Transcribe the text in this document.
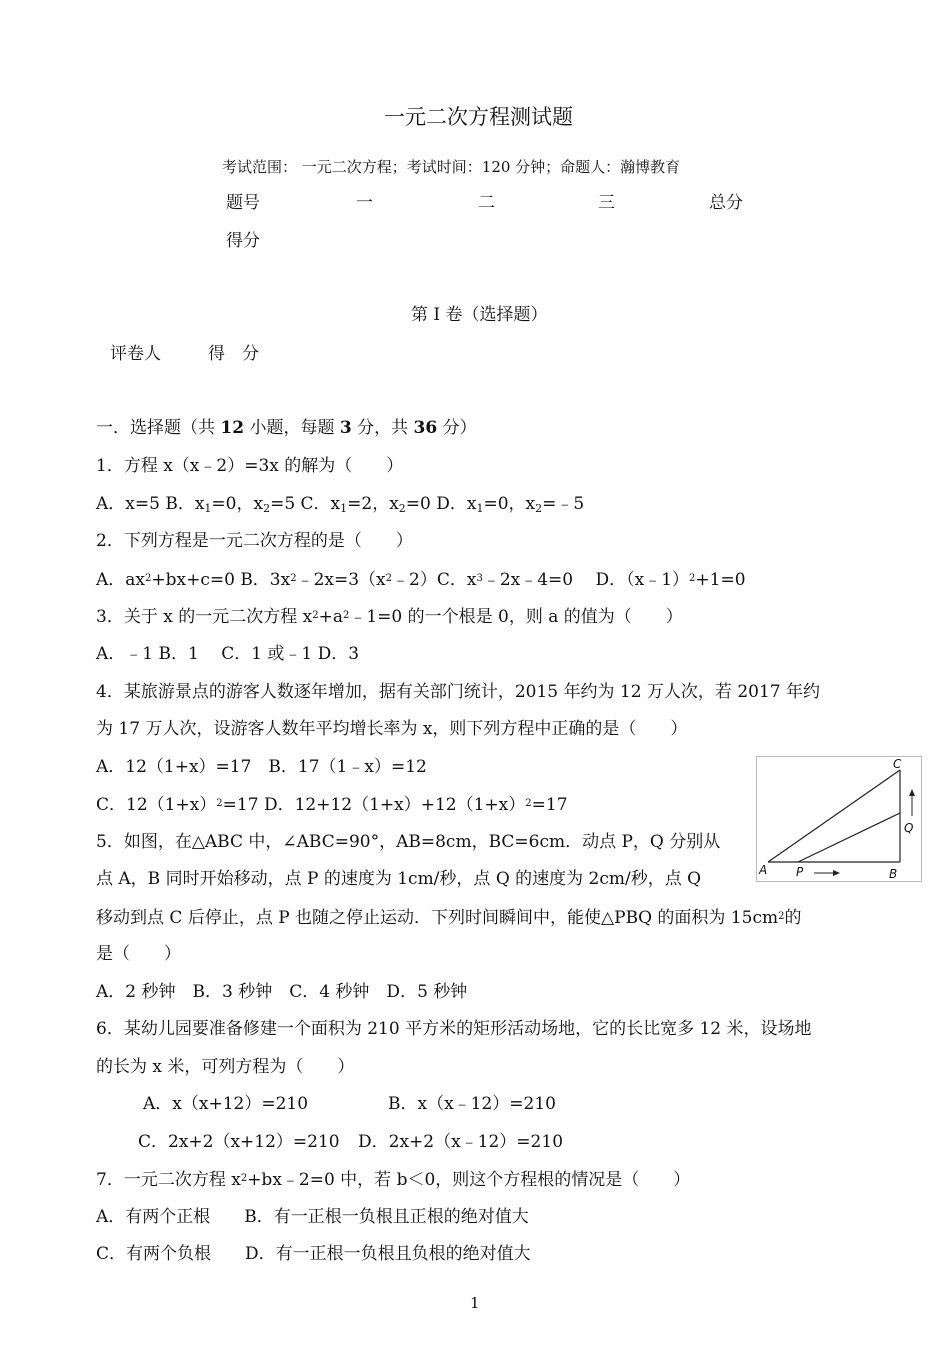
一元二次方程测试题
考试范围： 一元二次方程；考试时间：120 分钟；命题人：瀚博教育
题号	一	二	三	总分
得分
第 I 卷（选择题）
评卷人	得　分
一．选择题（共 12 小题，每题 3 分，共 36 分）
1．方程 x（x﹣2）=3x 的解为（　　）
A．x=5 B．$x_1=0$，$x_2=5$ C．$x_1=2$，$x_2=0$ D．$x_1=0$，$x_2=﹣5$
2．下列方程是一元二次方程的是（　　）
A．$ax^2+bx+c=0$ B．$3x^2﹣2x=3(x^2﹣2)C$．$x^3﹣2x﹣4=0$　 D．（x﹣1）$^2$+1=0
3．关于 x 的一元二次方程 $x^2+a^2﹣1=0$ 的一个根是 0，则 a 的值为（　　）
A．﹣1 B．1　 C．1 或﹣1 D．3
4．某旅游景点的游客人数逐年增加，据有关部门统计，2015 年约为 12 万人次，若 2017 年约
为 17 万人次，设游客人数年平均增长率为 x，则下列方程中正确的是（　　）
A．12（1+x）=17　B．17（1﹣x）=12
C．$12(1+x)^2=17$ D．$12+12(1+x)+12(1+x)^2=17$
5．如图，在△ABC 中，∠ABC=90°，AB=8cm，BC=6cm．动点 P，Q 分别从
点 A，B 同时开始移动，点 P 的速度为 1cm/秒，点 Q 的速度为 2cm/秒，点 Q
移动到点 C 后停止，点 P 也随之停止运动．下列时间瞬间中，能使△PBQ 的面积为 $15cm^2$的
是（　　）
A．2 秒钟　B．3 秒钟　C．4 秒钟　D．5 秒钟
A P	B
Q
C
6．某幼儿园要准备修建一个面积为 210 平方米的矩形活动场地，它的长比宽多 12 米，设场地
的长为 x 米，可列方程为（　　）
A．x（x+12）=210	B．x（x﹣12）=210
C．2x+2（x+12）=210 D．2x+2（x﹣12）=210
7．一元二次方程 $x^2+bx﹣2=0$ 中，若 b＜0，则这个方程根的情况是（　　）
A．有两个正根　　B．有一正根一负根且正根的绝对值大
C．有两个负根　　D．有一正根一负根且负根的绝对值大
1
